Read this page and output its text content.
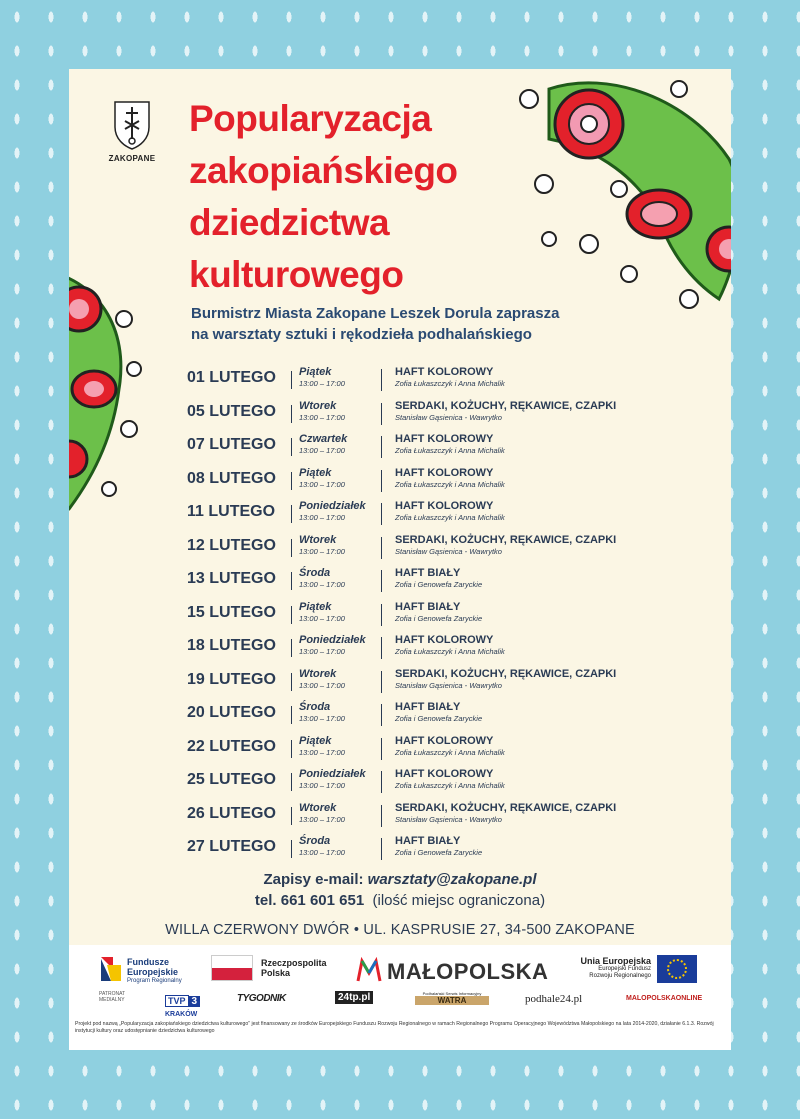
ZAKOPANE
Popularyzacja
zakopiańskiego
dziedzictwa
kulturowego
Burmistrz Miasta Zakopane Leszek Dorula zaprasza
na warsztaty sztuki i rękodzieła podhalańskiego
01 LUTEGO	Piątek
13:00 – 17:00
HAFT KOLOROWY
Zofia Łukaszczyk i Anna Michalik
05 LUTEGO	Wtorek
13:00 – 17:00
SERDAKI, KOŻUCHY, RĘKAWICE, CZAPKI
Stanisław Gąsienica - Wawrytko
07 LUTEGO	Czwartek
13:00 – 17:00
HAFT KOLOROWY
Zofia Łukaszczyk i Anna Michalik
08 LUTEGO	Piątek
13:00 – 17:00
HAFT KOLOROWY
Zofia Łukaszczyk i Anna Michalik
11 LUTEGO	Poniedziałek
13:00 – 17:00
HAFT KOLOROWY
Zofia Łukaszczyk i Anna Michalik
12 LUTEGO	Wtorek
13:00 – 17:00
SERDAKI, KOŻUCHY, RĘKAWICE, CZAPKI
Stanisław Gąsienica - Wawrytko
13 LUTEGO	Środa
13:00 – 17:00
HAFT BIAŁY
Zofia i Genowefa Zaryckie
15 LUTEGO	Piątek
13:00 – 17:00
HAFT BIAŁY
Zofia i Genowefa Zaryckie
18 LUTEGO	Poniedziałek
13:00 – 17:00
HAFT KOLOROWY
Zofia Łukaszczyk i Anna Michalik
19 LUTEGO	Wtorek
13:00 – 17:00
SERDAKI, KOŻUCHY, RĘKAWICE, CZAPKI
Stanisław Gąsienica - Wawrytko
20 LUTEGO	Środa
13:00 – 17:00
HAFT BIAŁY
Zofia i Genowefa Zaryckie
22 LUTEGO	Piątek
13:00 – 17:00
HAFT KOLOROWY
Zofia Łukaszczyk i Anna Michalik
25 LUTEGO	Poniedziałek
13:00 – 17:00
HAFT KOLOROWY
Zofia Łukaszczyk i Anna Michalik
26 LUTEGO	Wtorek
13:00 – 17:00
SERDAKI, KOŻUCHY, RĘKAWICE, CZAPKI
Stanisław Gąsienica - Wawrytko
27 LUTEGO	Środa
13:00 – 17:00
HAFT BIAŁY
Zofia i Genowefa Zaryckie
Zapisy e-mail: warsztaty@zakopane.pl
tel. 661 601 651 (ilość miejsc ograniczona)
WILLA CZERWONY DWÓR • UL. KASPRUSIE 27, 34-500 ZAKOPANE
Fundusze
Europejskie
Program Regionalny
Rzeczpospolita
Polska	MAŁOPOLSKA	Unia Europejska
Europejski Fundusz
Rozwoju Regionalnego
PATRONAT MEDIALNY	TVP 3
KRAKÓW
TYGODNIK	24tp.pl	Podhalański Serwis Informacyjny
WATRA	podhale24.pl	MALOPOLSKAONLINE
Projekt pod nazwą „Popularyzacja zakopiańskiego dziedzictwa kulturowego” jest finansowany ze środków Europejskiego Funduszu Rozwoju Regionalnego w ramach Regionalnego Programu Operacyjnego Województwa Małopolskiego na lata 2014-2020, działanie 6.1.3. Rozwój instytucji kultury oraz udostępnianie dziedzictwa kulturowego
